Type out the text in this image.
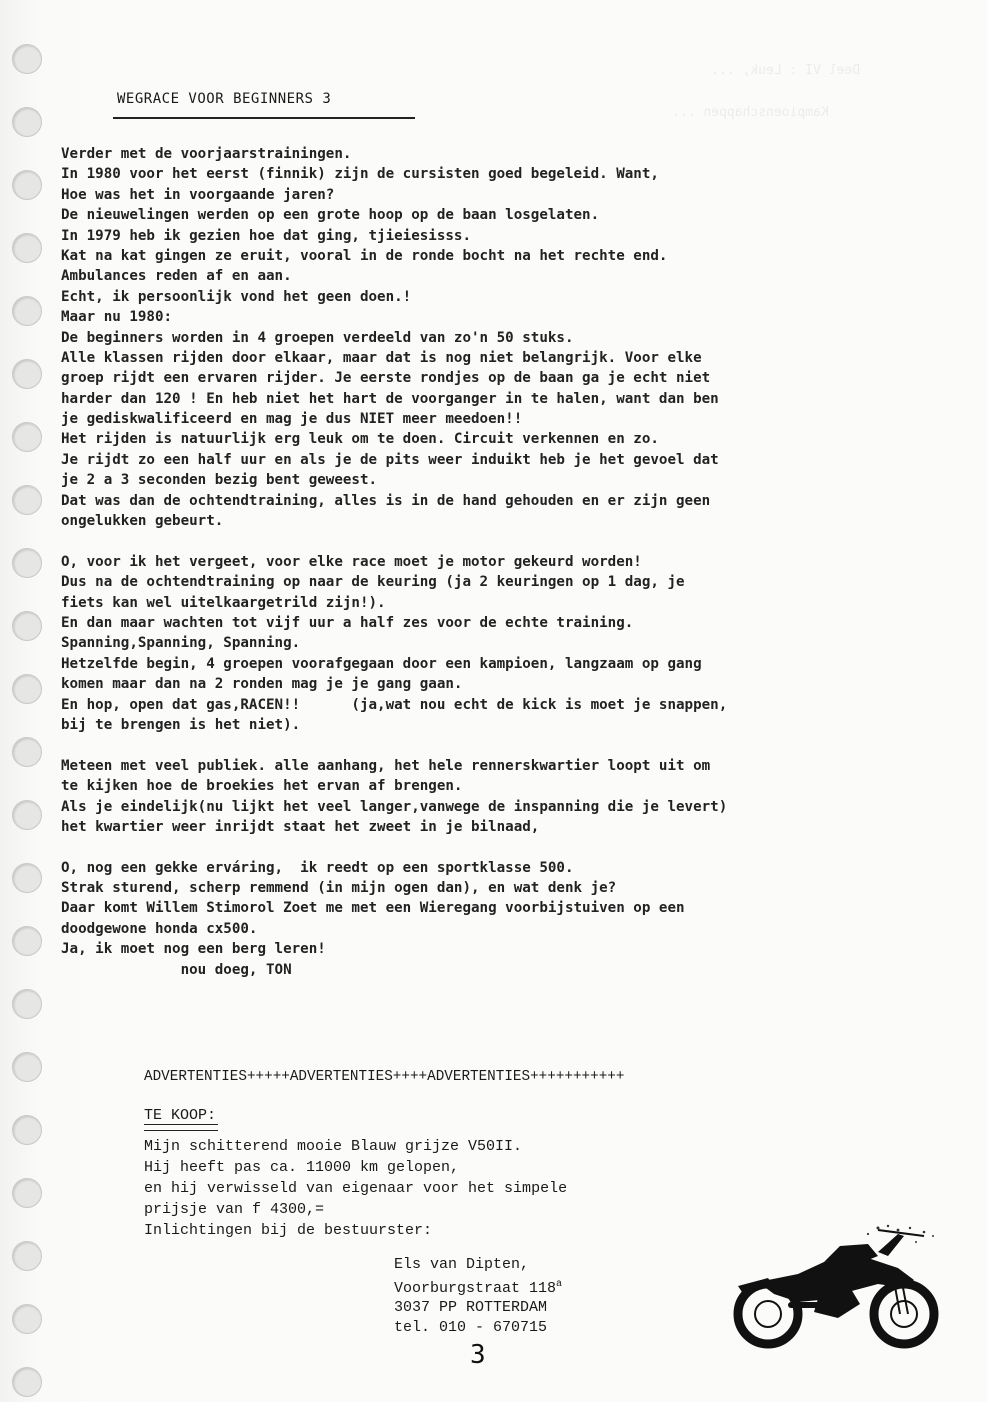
Deel VI : Leuk, ...

Kampioenschappen ...
WEGRACE VOOR BEGINNERS 3
Verder met de voorjaarstrainingen.
In 1980 voor het eerst (finnik) zijn de cursisten goed begeleid. Want,
Hoe was het in voorgaande jaren?
De nieuwelingen werden op een grote hoop op de baan losgelaten.
In 1979 heb ik gezien hoe dat ging, tjieiesisss.
Kat na kat gingen ze eruit, vooral in de ronde bocht na het rechte end.
Ambulances reden af en aan.
Echt, ik persoonlijk vond het geen doen.!
Maar nu 1980:
De beginners worden in 4 groepen verdeeld van zo'n 50 stuks.
Alle klassen rijden door elkaar, maar dat is nog niet belangrijk. Voor elke
groep rijdt een ervaren rijder. Je eerste rondjes op de baan ga je echt niet
harder dan 120 ! En heb niet het hart de voorganger in te halen, want dan ben
je gediskwalificeerd en mag je dus NIET meer meedoen!!
Het rijden is natuurlijk erg leuk om te doen. Circuit verkennen en zo.
Je rijdt zo een half uur en als je de pits weer induikt heb je het gevoel dat
je 2 a 3 seconden bezig bent geweest.
Dat was dan de ochtendtraining, alles is in de hand gehouden en er zijn geen
ongelukken gebeurt.
O, voor ik het vergeet, voor elke race moet je motor gekeurd worden!
Dus na de ochtendtraining op naar de keuring (ja 2 keuringen op 1 dag, je
fiets kan wel uitelkaargetrild zijn!).
En dan maar wachten tot vijf uur a half zes voor de echte training.
Spanning,Spanning, Spanning.
Hetzelfde begin, 4 groepen voorafgegaan door een kampioen, langzaam op gang
komen maar dan na 2 ronden mag je je gang gaan.
En hop, open dat gas,RACEN!!      (ja,wat nou echt de kick is moet je snappen,
bij te brengen is het niet).
Meteen met veel publiek. alle aanhang, het hele rennerskwartier loopt uit om
te kijken hoe de broekies het ervan af brengen.
Als je eindelijk(nu lijkt het veel langer,vanwege de inspanning die je levert)
het kwartier weer inrijdt staat het zweet in je bilnaad,
O, nog een gekke erváring,  ik reedt op een sportklasse 500.
Strak sturend, scherp remmend (in mijn ogen dan), en wat denk je?
Daar komt Willem Stimorol Zoet me met een Wieregang voorbijstuiven op een
doodgewone honda cx500.
Ja, ik moet nog een berg leren!
nou doeg, TON
ADVERTENTIES+++++ADVERTENTIES++++ADVERTENTIES+++++++++++
TE KOOP:
Mijn schitterend mooie Blauw grijze V50II.
Hij heeft pas ca. 11000 km gelopen,
en hij verwisseld van eigenaar voor het simpele
prijsje van f 4300,=
Inlichtingen bij de bestuurster:
Els van Dipten,
Voorburgstraat 118$^a$
3037 PP ROTTERDAM
tel. 010 - 670715
3
